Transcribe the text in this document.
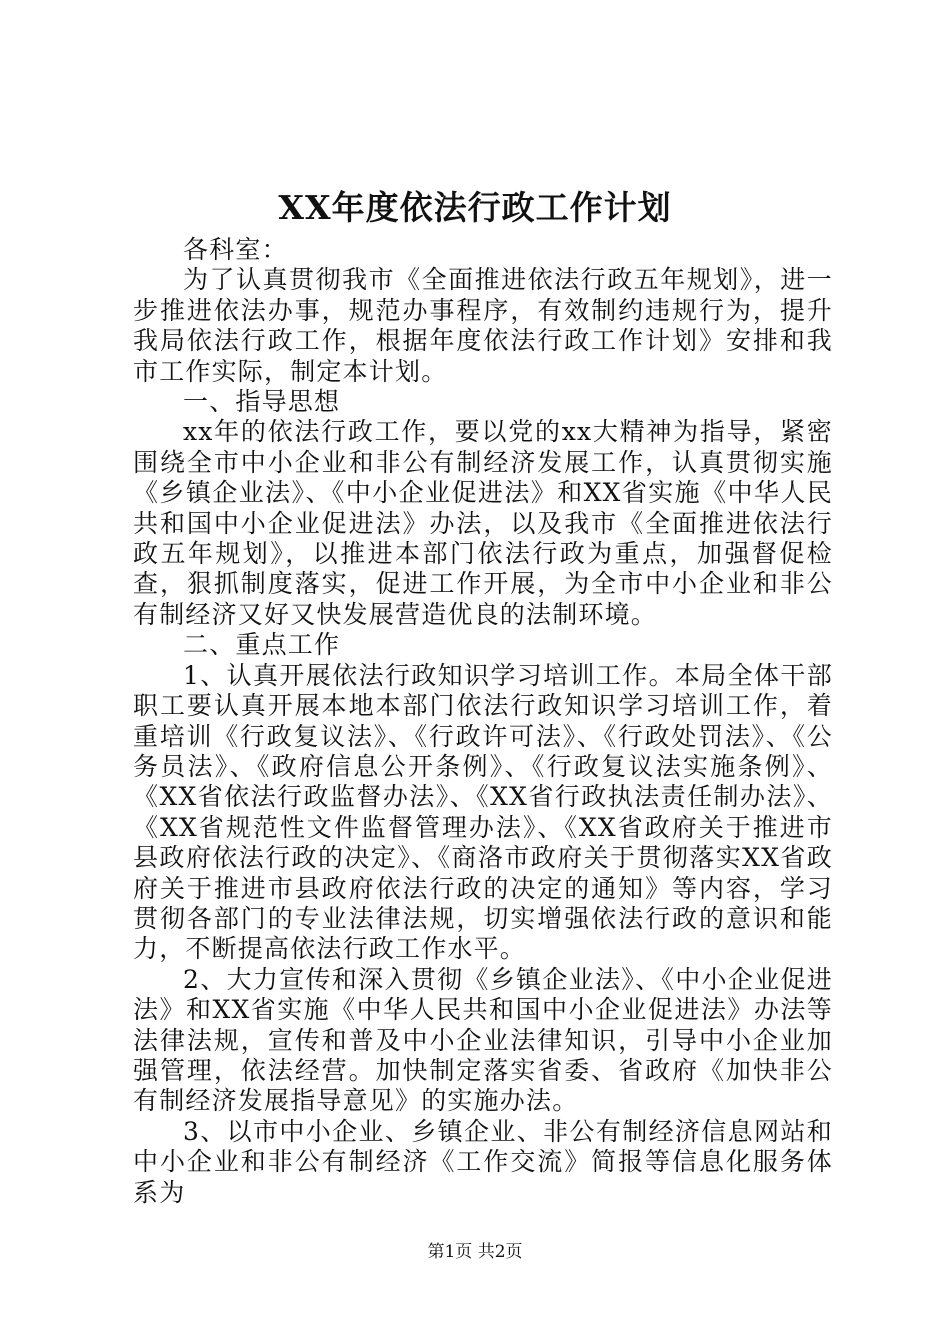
XX年度依法行政工作计划

各科室：

为了认真贯彻我市《全面推进依法行政五年规划》，进一步推进依法办事，规范办事程序，有效制约违规行为，提升我局依法行政工作，根据年度依法行政工作计划》安排和我市工作实际，制定本计划。

一、指导思想

xx年的依法行政工作，要以党的xx大精神为指导，紧密围绕全市中小企业和非公有制经济发展工作，认真贯彻实施《乡镇企业法》、《中小企业促进法》和XX省实施《中华人民共和国中小企业促进法》办法，以及我市《全面推进依法行政五年规划》，以推进本部门依法行政为重点，加强督促检查，狠抓制度落实，促进工作开展，为全市中小企业和非公有制经济又好又快发展营造优良的法制环境。

二、重点工作

1、认真开展依法行政知识学习培训工作。本局全体干部职工要认真开展本地本部门依法行政知识学习培训工作，着重培训《行政复议法》、《行政许可法》、《行政处罚法》、《公务员法》、《政府信息公开条例》、《行政复议法实施条例》、《XX省依法行政监督办法》、《XX省行政执法责任制办法》、《XX省规范性文件监督管理办法》、《XX省政府关于推进市县政府依法行政的决定》、《商洛市政府关于贯彻落实XX省政府关于推进市县政府依法行政的决定的通知》等内容，学习贯彻各部门的专业法律法规，切实增强依法行政的意识和能力，不断提高依法行政工作水平。

2、大力宣传和深入贯彻《乡镇企业法》、《中小企业促进法》和XX省实施《中华人民共和国中小企业促进法》办法等法律法规，宣传和普及中小企业法律知识，引导中小企业加强管理，依法经营。加快制定落实省委、省政府《加快非公有制经济发展指导意见》的实施办法。

3、以市中小企业、乡镇企业、非公有制经济信息网站和中小企业和非公有制经济《工作交流》简报等信息化服务体系为

第1页 共2页
